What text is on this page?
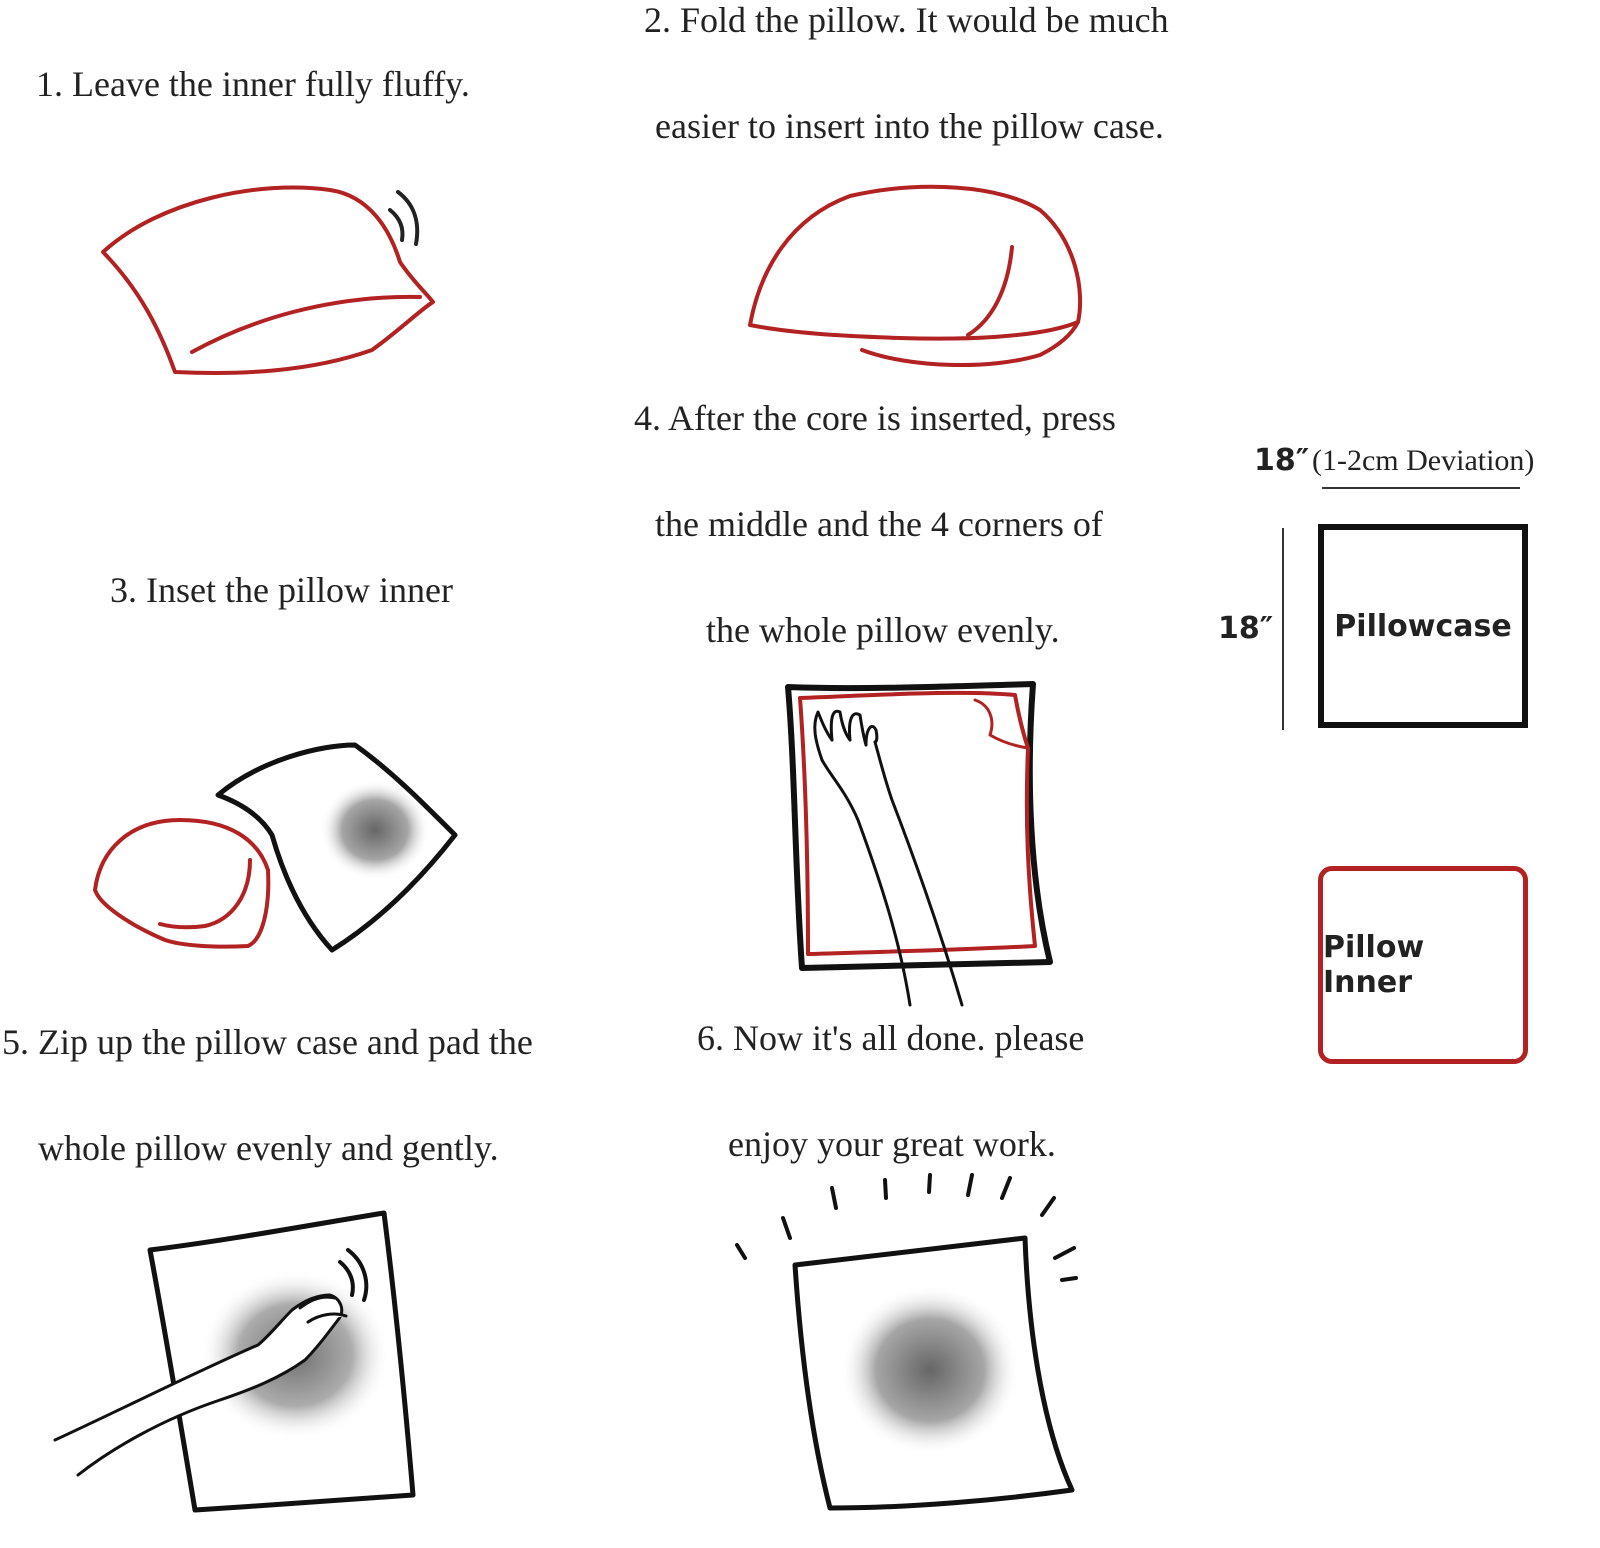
1. Leave the inner fully fluffy.
2. Fold the pillow. It would be much
easier to insert into the pillow case.
3. Inset the pillow inner
4. After the core is inserted, press
the middle and the 4 corners of
the whole pillow evenly.
5. Zip up the pillow case and pad the
whole pillow evenly and gently.
6. Now it's all done. please
enjoy your great work.
18″ (1-2cm Deviation)
18″ Pillowcase
Pillow Inner
